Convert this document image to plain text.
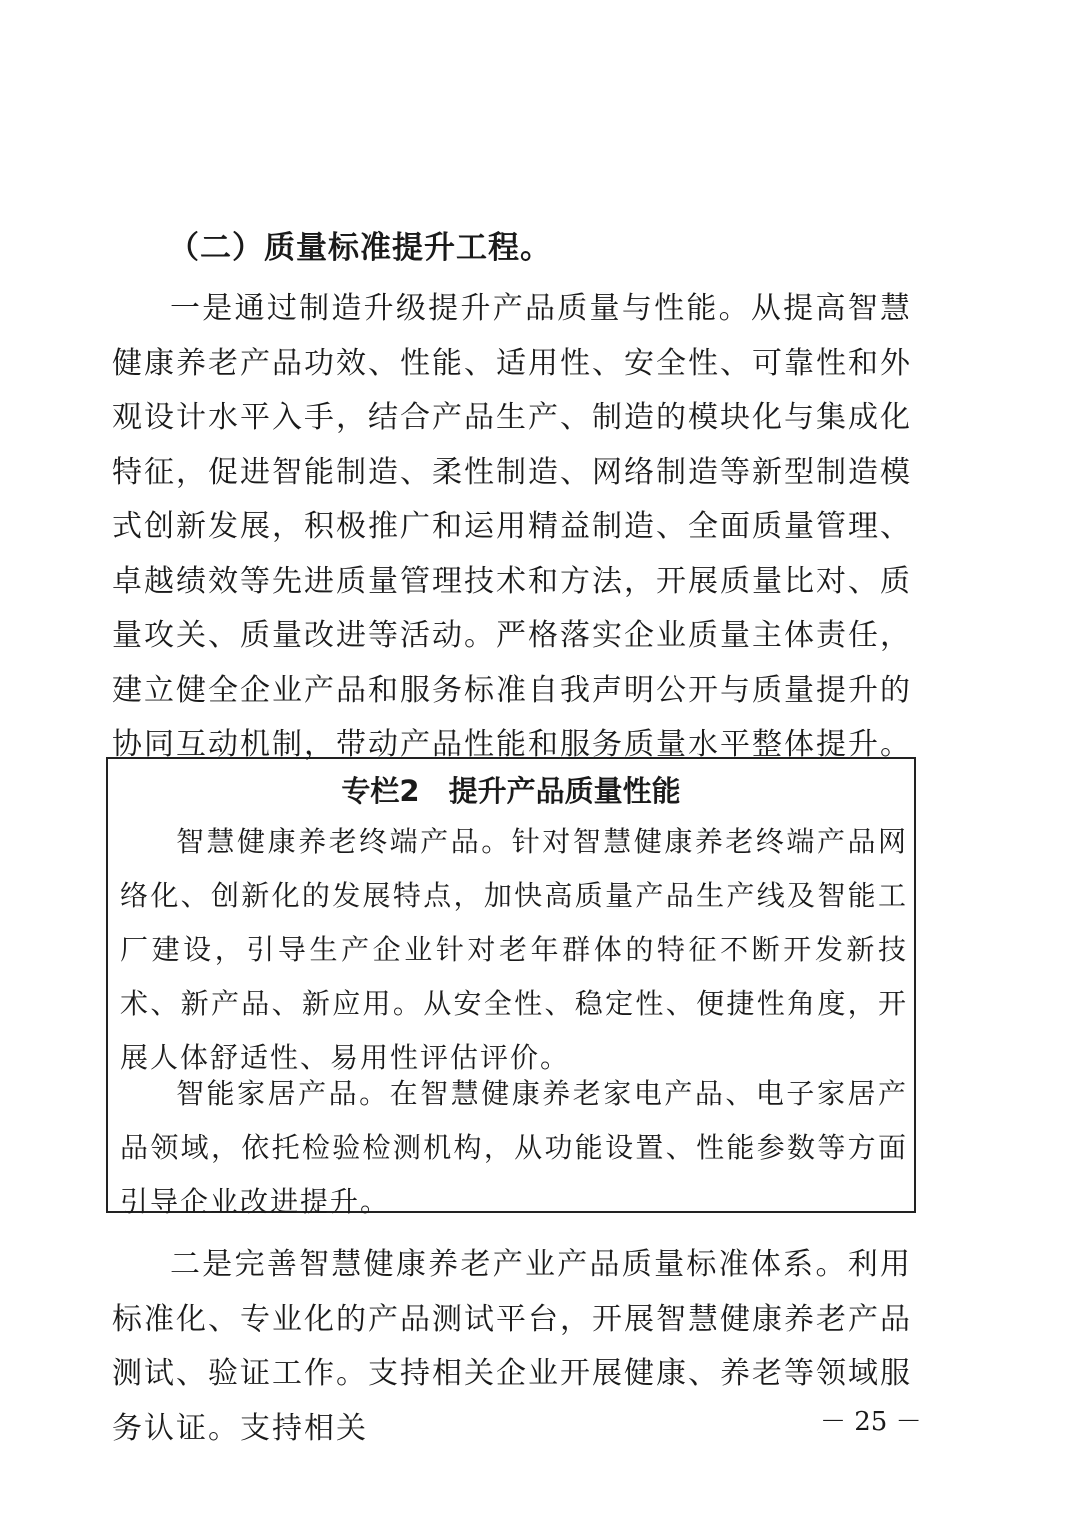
（二）质量标准提升工程。

一是通过制造升级提升产品质量与性能。从提高智慧健康养老产品功效、性能、适用性、安全性、可靠性和外观设计水平入手，结合产品生产、制造的模块化与集成化特征，促进智能制造、柔性制造、网络制造等新型制造模式创新发展，积极推广和运用精益制造、全面质量管理、卓越绩效等先进质量管理技术和方法，开展质量比对、质量攻关、质量改进等活动。严格落实企业质量主体责任，建立健全企业产品和服务标准自我声明公开与质量提升的协同互动机制，带动产品性能和服务质量水平整体提升。

专栏2　提升产品质量性能

智慧健康养老终端产品。针对智慧健康养老终端产品网络化、创新化的发展特点，加快高质量产品生产线及智能工厂建设，引导生产企业针对老年群体的特征不断开发新技术、新产品、新应用。从安全性、稳定性、便捷性角度，开展人体舒适性、易用性评估评价。

智能家居产品。在智慧健康养老家电产品、电子家居产品领域，依托检验检测机构，从功能设置、性能参数等方面引导企业改进提升。

二是完善智慧健康养老产业产品质量标准体系。利用标准化、专业化的产品测试平台，开展智慧健康养老产品测试、验证工作。支持相关企业开展健康、养老等领域服务认证。支持相关	－ 25 －
